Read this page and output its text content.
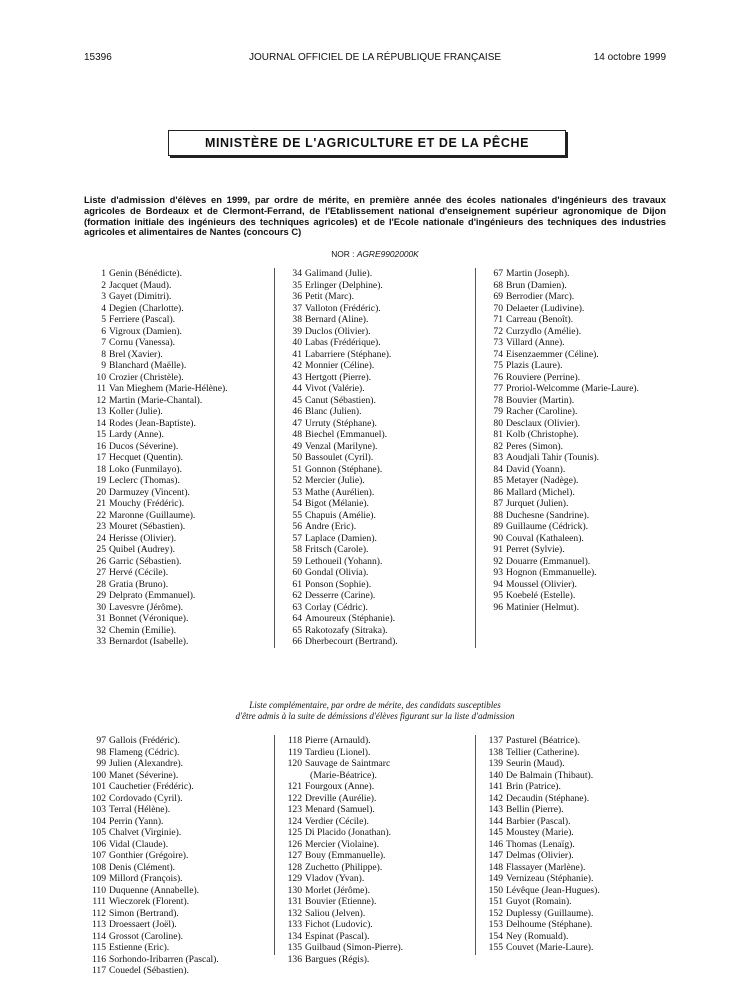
15396	JOURNAL OFFICIEL DE LA RÉPUBLIQUE FRANÇAISE	14 octobre 1999
MINISTÈRE DE L'AGRICULTURE ET DE LA PÊCHE
Liste d'admission d'élèves en 1999, par ordre de mérite, en première année des écoles nationales d'ingénieurs des travaux agricoles de Bordeaux et de Clermont-Ferrand, de l'Etablissement national d'enseignement supérieur agronomique de Dijon (formation initiale des ingénieurs des techniques agricoles) et de l'Ecole nationale d'ingénieurs des techniques des industries agricoles et alimentaires de Nantes (concours C)
NOR : AGRE9902000K
1 Genin (Bénédicte).
2 Jacquet (Maud).
3 Gayet (Dimitri).
4 Degien (Charlotte).
5 Ferriere (Pascal).
6 Vigroux (Damien).
7 Cornu (Vanessa).
8 Brel (Xavier).
9 Blanchard (Maëlle).
10 Crozier (Christèle).
11 Van Mieghem (Marie-Hélène).
12 Martin (Marie-Chantal).
13 Koller (Julie).
14 Rodes (Jean-Baptiste).
15 Lardy (Anne).
16 Ducos (Séverine).
17 Hecquet (Quentin).
18 Loko (Funmilayo).
19 Leclerc (Thomas).
20 Darmuzey (Vincent).
21 Mouchy (Frédéric).
22 Maronne (Guillaume).
23 Mouret (Sébastien).
24 Herisse (Olivier).
25 Quibel (Audrey).
26 Garric (Sébastien).
27 Hervé (Cécile).
28 Gratia (Bruno).
29 Delprato (Emmanuel).
30 Lavesvre (Jérôme).
31 Bonnet (Véronique).
32 Chemin (Emilie).
33 Bernardot (Isabelle).
34 Galimand (Julie).
35 Erlinger (Delphine).
36 Petit (Marc).
37 Valloton (Frédéric).
38 Bernard (Aline).
39 Duclos (Olivier).
40 Labas (Frédérique).
41 Labarriere (Stéphane).
42 Monnier (Céline).
43 Hertgott (Pierre).
44 Vivot (Valérie).
45 Canut (Sébastien).
46 Blanc (Julien).
47 Urruty (Stéphane).
48 Biechel (Emmanuel).
49 Venzal (Marilyne).
50 Bassoulet (Cyril).
51 Gonnon (Stéphane).
52 Mercier (Julie).
53 Mathe (Aurélien).
54 Bigot (Mélanie).
55 Chapuis (Amélie).
56 Andre (Eric).
57 Laplace (Damien).
58 Fritsch (Carole).
59 Lethoueil (Yohann).
60 Gondal (Olivia).
61 Ponson (Sophie).
62 Desserre (Carine).
63 Corlay (Cédric).
64 Amoureux (Stéphanie).
65 Rakotozafy (Sitraka).
66 Dherbecourt (Bertrand).
67 Martin (Joseph).
68 Brun (Damien).
69 Berrodier (Marc).
70 Delaeter (Ludivine).
71 Carreau (Benoît).
72 Curzydlo (Amélie).
73 Villard (Anne).
74 Eisenzaemmer (Céline).
75 Plazis (Laure).
76 Rouviere (Perrine).
77 Proriol-Welcomme (Marie-Laure).
78 Bouvier (Martin).
79 Racher (Caroline).
80 Desclaux (Olivier).
81 Kolb (Christophe).
82 Peres (Simon).
83 Aoudjali Tahir (Tounis).
84 David (Yoann).
85 Metayer (Nadège).
86 Mallard (Michel).
87 Jurquet (Julien).
88 Duchesne (Sandrine).
89 Guillaume (Cédrick).
90 Couval (Kathaleen).
91 Perret (Sylvie).
92 Douarre (Emmanuel).
93 Hognon (Emmanuelle).
94 Moussel (Olivier).
95 Koebelé (Estelle).
96 Matinier (Helmut).
Liste complémentaire, par ordre de mérite, des candidats susceptibles
d'être admis à la suite de démissions d'élèves figurant sur la liste d'admission
97 Gallois (Frédéric).
98 Flameng (Cédric).
99 Julien (Alexandre).
100 Manet (Séverine).
101 Cauchetier (Frédéric).
102 Cordovado (Cyril).
103 Terral (Hélène).
104 Perrin (Yann).
105 Chalvet (Virginie).
106 Vidal (Claude).
107 Gonthier (Grégoire).
108 Denis (Clément).
109 Millord (François).
110 Duquenne (Annabelle).
111 Wieczorek (Florent).
112 Simon (Bertrand).
113 Droessaert (Joël).
114 Grossot (Caroline).
115 Estienne (Eric).
116 Sorhondo-Iribarren (Pascal).
117 Couedel (Sébastien).
118 Pierre (Arnauld).
119 Tardieu (Lionel).
120 Sauvage de Saintmarc
(Marie-Béatrice).
121 Fourgoux (Anne).
122 Dreville (Aurélie).
123 Menard (Samuel).
124 Verdier (Cécile).
125 Di Placido (Jonathan).
126 Mercier (Violaine).
127 Bouy (Emmanuelle).
128 Zuchetto (Philippe).
129 Vladov (Yvan).
130 Morlet (Jérôme).
131 Bouvier (Etienne).
132 Saliou (Jelven).
133 Fichot (Ludovic).
134 Espinat (Pascal).
135 Guilbaud (Simon-Pierre).
136 Bargues (Régis).
137 Pasturel (Béatrice).
138 Tellier (Catherine).
139 Seurin (Maud).
140 De Balmain (Thibaut).
141 Brin (Patrice).
142 Decaudin (Stéphane).
143 Bellin (Pierre).
144 Barbier (Pascal).
145 Moustey (Marie).
146 Thomas (Lenaïg).
147 Delmas (Olivier).
148 Flassayer (Marlène).
149 Vernizeau (Stéphanie).
150 Lévêque (Jean-Hugues).
151 Guyot (Romain).
152 Duplessy (Guillaume).
153 Delhoume (Stéphane).
154 Ney (Romuald).
155 Couvet (Marie-Laure).
